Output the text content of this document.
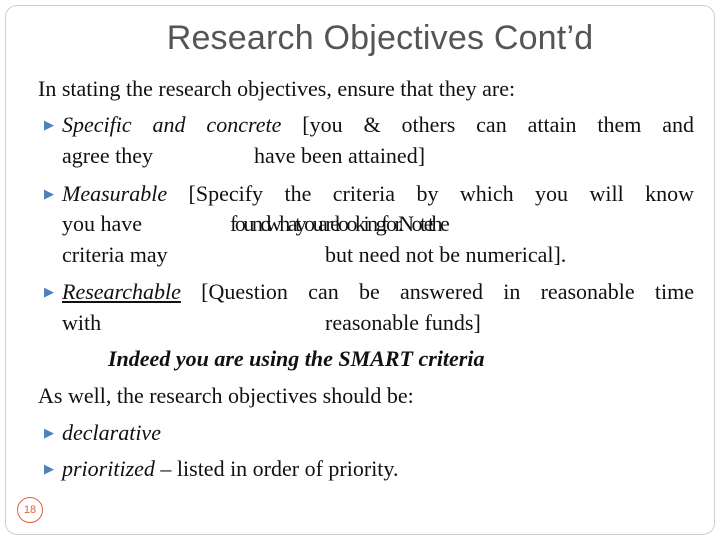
Research Objectives Cont’d
In stating the research objectives, ensure that they are:
▶ Specific and concrete [you & others can attain them and
agree they	have been attained]
▶ Measurable [Specify the criteria by which you will know
you have	found what you are looking for. Note the
criteria may	but need not be numerical].
▶ Researchable [Question can be answered in reasonable time
with	reasonable funds]
Indeed you are using the SMART criteria
As well, the research objectives should be:
▶ declarative
▶ prioritized – listed in order of priority.
18
